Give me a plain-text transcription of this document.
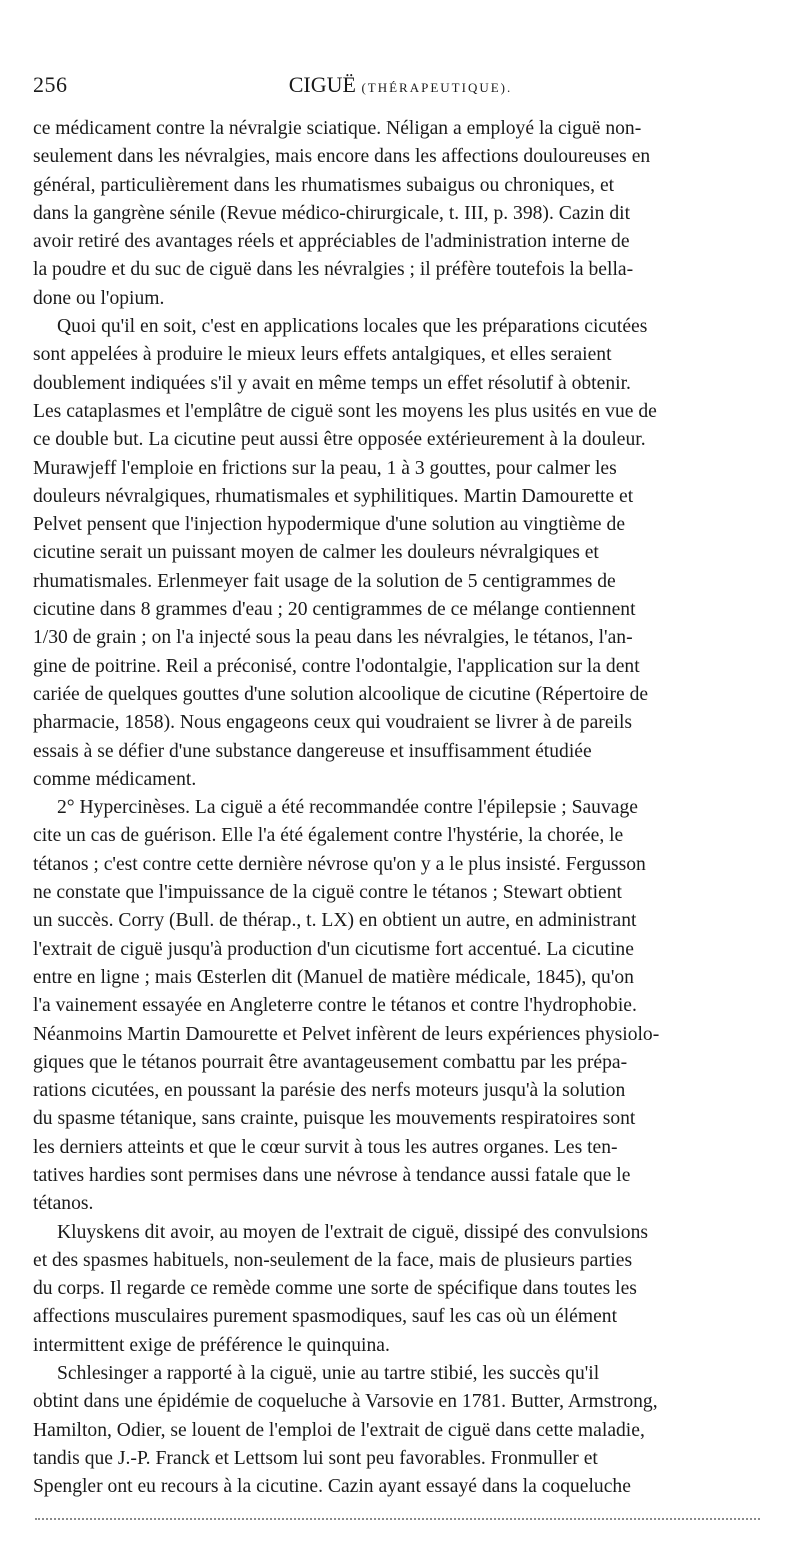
256	CIGUË (THÉRAPEUTIQUE).
ce médicament contre la névralgie sciatique. Néligan a employé la ciguë non-
seulement dans les névralgies, mais encore dans les affections douloureuses en
général, particulièrement dans les rhumatismes subaigus ou chroniques, et
dans la gangrène sénile (Revue médico-chirurgicale, t. III, p. 398). Cazin dit
avoir retiré des avantages réels et appréciables de l'administration interne de
la poudre et du suc de ciguë dans les névralgies ; il préfère toutefois la bella-
done ou l'opium.
Quoi qu'il en soit, c'est en applications locales que les préparations cicutées
sont appelées à produire le mieux leurs effets antalgiques, et elles seraient
doublement indiquées s'il y avait en même temps un effet résolutif à obtenir.
Les cataplasmes et l'emplâtre de ciguë sont les moyens les plus usités en vue de
ce double but. La cicutine peut aussi être opposée extérieurement à la douleur.
Murawjeff l'emploie en frictions sur la peau, 1 à 3 gouttes, pour calmer les
douleurs névralgiques, rhumatismales et syphilitiques. Martin Damourette et
Pelvet pensent que l'injection hypodermique d'une solution au vingtième de
cicutine serait un puissant moyen de calmer les douleurs névralgiques et
rhumatismales. Erlenmeyer fait usage de la solution de 5 centigrammes de
cicutine dans 8 grammes d'eau ; 20 centigrammes de ce mélange contiennent
1/30 de grain ; on l'a injecté sous la peau dans les névralgies, le tétanos, l'an-
gine de poitrine. Reil a préconisé, contre l'odontalgie, l'application sur la dent
cariée de quelques gouttes d'une solution alcoolique de cicutine (Répertoire de
pharmacie, 1858). Nous engageons ceux qui voudraient se livrer à de pareils
essais à se défier d'une substance dangereuse et insuffisamment étudiée
comme médicament.
2° Hypercinèses. La ciguë a été recommandée contre l'épilepsie ; Sauvage
cite un cas de guérison. Elle l'a été également contre l'hystérie, la chorée, le
tétanos ; c'est contre cette dernière névrose qu'on y a le plus insisté. Fergusson
ne constate que l'impuissance de la ciguë contre le tétanos ; Stewart obtient
un succès. Corry (Bull. de thérap., t. LX) en obtient un autre, en administrant
l'extrait de ciguë jusqu'à production d'un cicutisme fort accentué. La cicutine
entre en ligne ; mais Œsterlen dit (Manuel de matière médicale, 1845), qu'on
l'a vainement essayée en Angleterre contre le tétanos et contre l'hydrophobie.
Néanmoins Martin Damourette et Pelvet infèrent de leurs expériences physiolo-
giques que le tétanos pourrait être avantageusement combattu par les prépa-
rations cicutées, en poussant la parésie des nerfs moteurs jusqu'à la solution
du spasme tétanique, sans crainte, puisque les mouvements respiratoires sont
les derniers atteints et que le cœur survit à tous les autres organes. Les ten-
tatives hardies sont permises dans une névrose à tendance aussi fatale que le
tétanos.
Kluyskens dit avoir, au moyen de l'extrait de ciguë, dissipé des convulsions
et des spasmes habituels, non-seulement de la face, mais de plusieurs parties
du corps. Il regarde ce remède comme une sorte de spécifique dans toutes les
affections musculaires purement spasmodiques, sauf les cas où un élément
intermittent exige de préférence le quinquina.
Schlesinger a rapporté à la ciguë, unie au tartre stibié, les succès qu'il
obtint dans une épidémie de coqueluche à Varsovie en 1781. Butter, Armstrong,
Hamilton, Odier, se louent de l'emploi de l'extrait de ciguë dans cette maladie,
tandis que J.-P. Franck et Lettsom lui sont peu favorables. Fronmuller et
Spengler ont eu recours à la cicutine. Cazin ayant essayé dans la coqueluche
